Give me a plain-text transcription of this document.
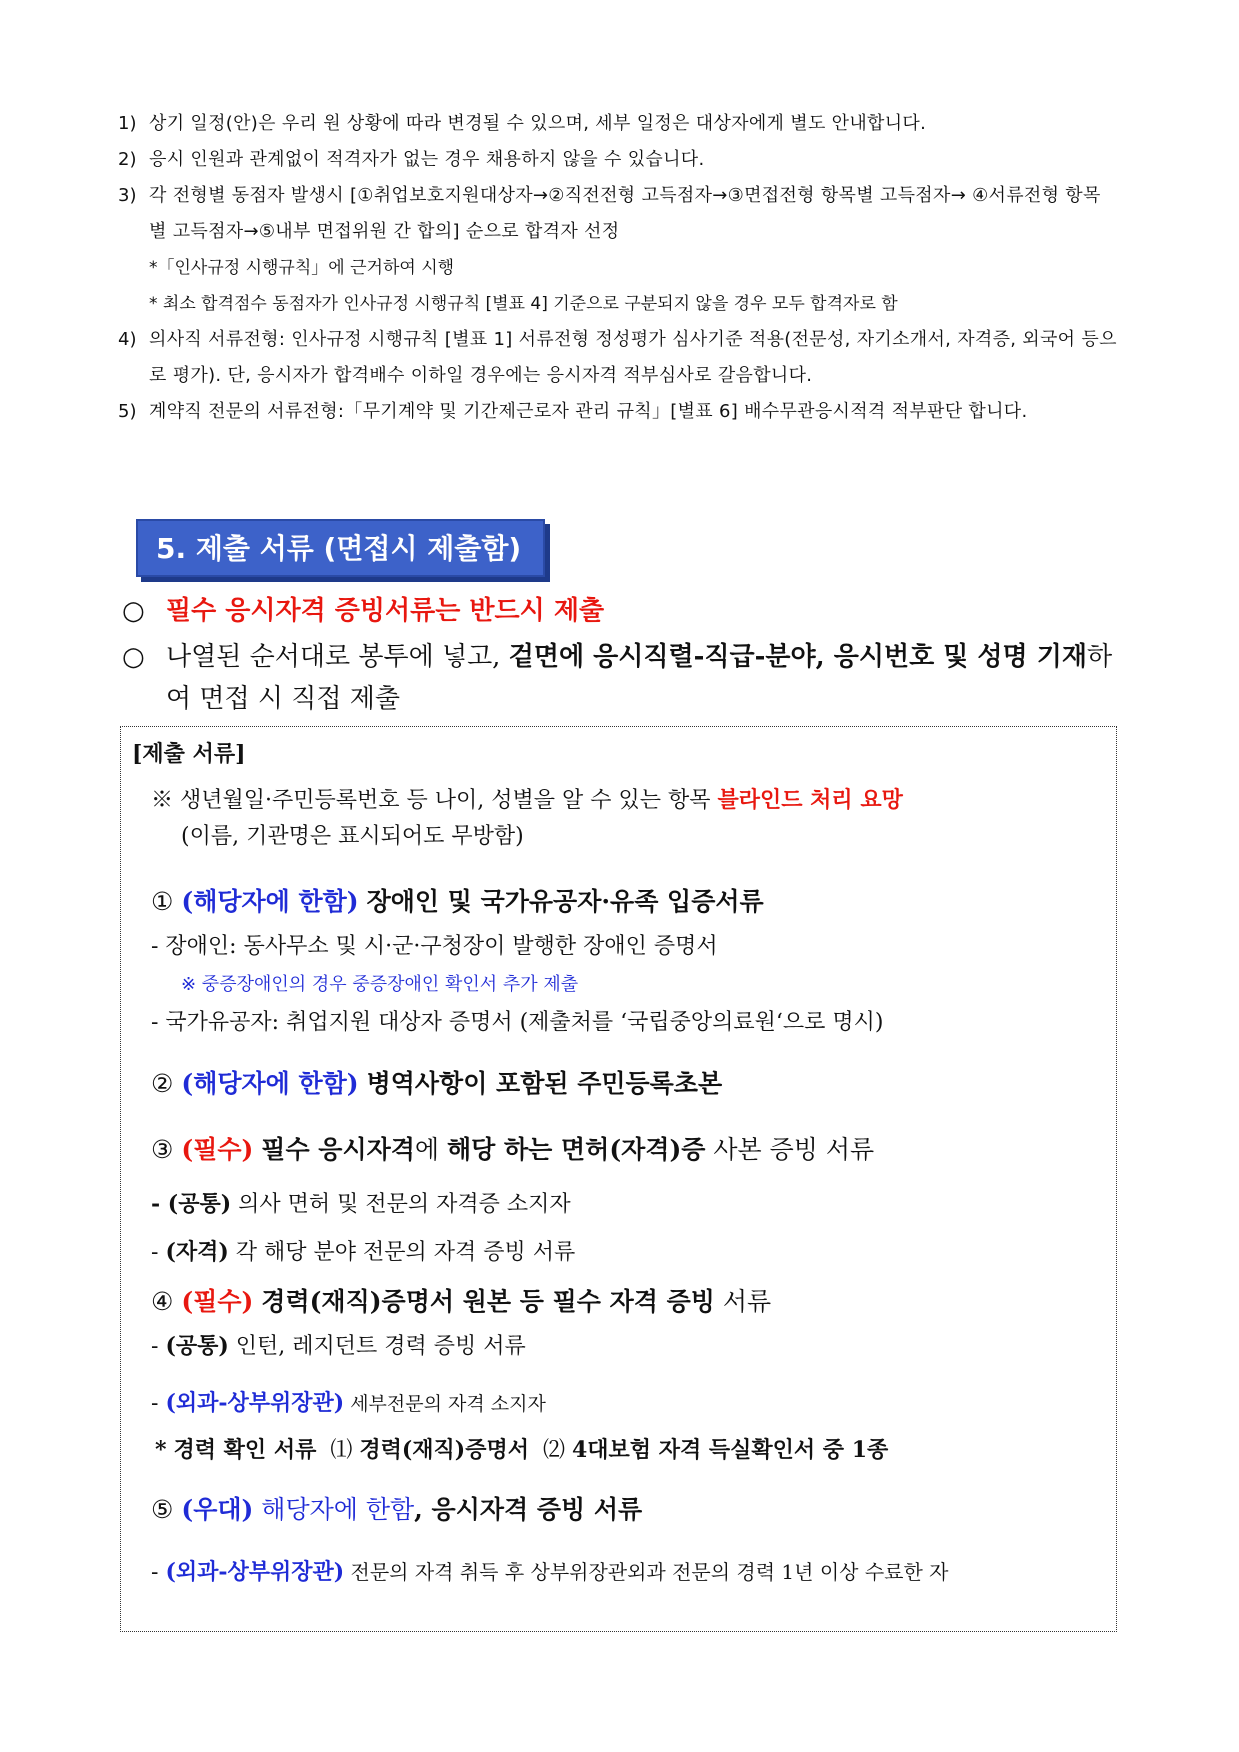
1) 상기 일정(안)은 우리 원 상황에 따라 변경될 수 있으며, 세부 일정은 대상자에게 별도 안내합니다.
2) 응시 인원과 관계없이 적격자가 없는 경우 채용하지 않을 수 있습니다.
3) 각 전형별 동점자 발생시 [①취업보호지원대상자→②직전전형 고득점자→③면접전형 항목별 고득점자→ ④서류전형 항목별 고득점자→⑤내부 면접위원 간 합의] 순으로 합격자 선정
*「인사규정 시행규칙」에 근거하여 시행
* 최소 합격점수 동점자가 인사규정 시행규칙 [별표 4] 기준으로 구분되지 않을 경우 모두 합격자로 함
4) 의사직 서류전형: 인사규정 시행규칙 [별표 1] 서류전형 정성평가 심사기준 적용(전문성, 자기소개서, 자격증, 외국어 등으로 평가). 단, 응시자가 합격배수 이하일 경우에는 응시자격 적부심사로 갈음합니다.
5) 계약직 전문의 서류전형:「무기계약 및 기간제근로자 관리 규칙」[별표 6] 배수무관응시적격 적부판단 합니다.
5. 제출 서류 (면접시 제출함)
○ 필수 응시자격 증빙서류는 반드시 제출
○ 나열된 순서대로 봉투에 넣고, 겉면에 응시직렬-직급-분야, 응시번호 및 성명 기재하여 면접 시 직접 제출
[제출 서류]
※ 생년월일·주민등록번호 등 나이, 성별을 알 수 있는 항목 블라인드 처리 요망
(이름, 기관명은 표시되어도 무방함)
① (해당자에 한함) 장애인 및 국가유공자·유족 입증서류
- 장애인: 동사무소 및 시·군·구청장이 발행한 장애인 증명서
※ 중증장애인의 경우 중증장애인 확인서 추가 제출
- 국가유공자: 취업지원 대상자 증명서 (제출처를 ‘국립중앙의료원‘으로 명시)
② (해당자에 한함) 병역사항이 포함된 주민등록초본
③ (필수) 필수 응시자격에 해당 하는 면허(자격)증 사본 증빙 서류
- (공통) 의사 면허 및 전문의 자격증 소지자
- (자격) 각 해당 분야 전문의 자격 증빙 서류
④ (필수) 경력(재직)증명서 원본 등 필수 자격 증빙 서류
- (공통) 인턴, 레지던트 경력 증빙 서류
- (외과-상부위장관) 세부전문의 자격 소지자
* 경력 확인 서류 ⑴ 경력(재직)증명서 ⑵ 4대보험 자격 득실확인서 중 1종
⑤ (우대) 해당자에 한함, 응시자격 증빙 서류
- (외과-상부위장관) 전문의 자격 취득 후 상부위장관외과 전문의 경력 1년 이상 수료한 자
